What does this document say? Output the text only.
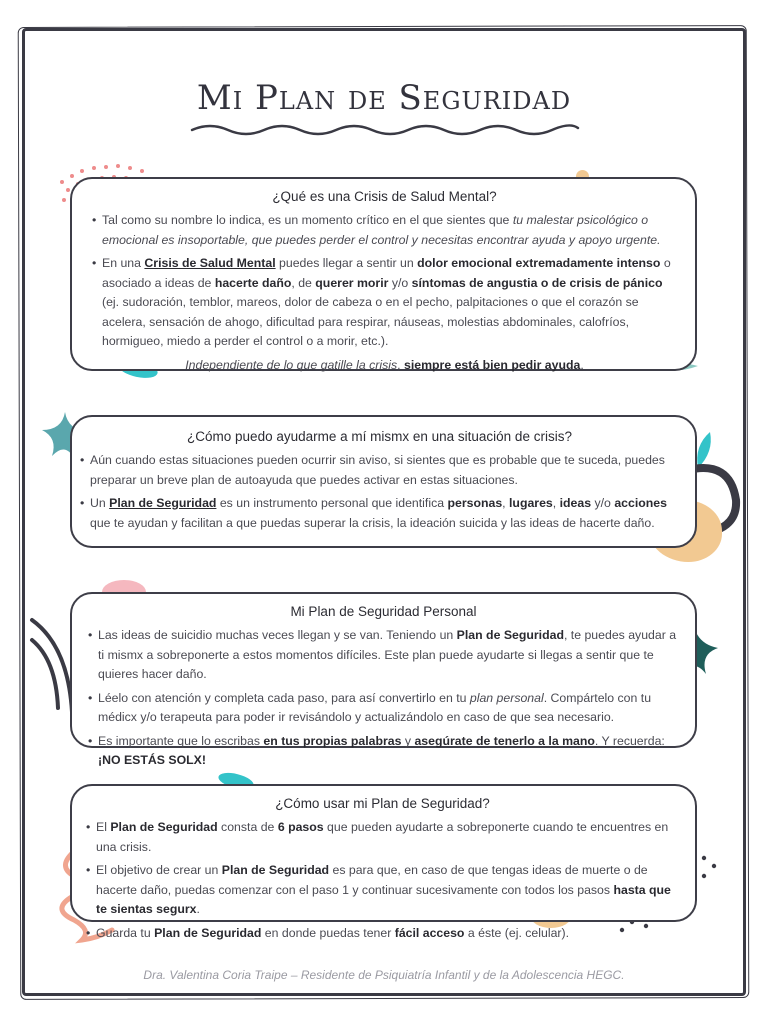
Mi Plan de Seguridad
¿Qué es una Crisis de Salud Mental?
• Tal como su nombre lo indica, es un momento crítico en el que sientes que tu malestar psicológico o emocional es insoportable, que puedes perder el control y necesitas encontrar ayuda y apoyo urgente.
• En una Crisis de Salud Mental puedes llegar a sentir un dolor emocional extremadamente intenso o asociado a ideas de hacerte daño, de querer morir y/o síntomas de angustia o de crisis de pánico (ej. sudoración, temblor, mareos, dolor de cabeza o en el pecho, palpitaciones o que el corazón se acelera, sensación de ahogo, dificultad para respirar, náuseas, molestias abdominales, calofríos, hormigueo, miedo a perder el control o a morir, etc.).
Independiente de lo que gatille la crisis, siempre está bien pedir ayuda.
¿Cómo puedo ayudarme a mí mismx en una situación de crisis?
• Aún cuando estas situaciones pueden ocurrir sin aviso, si sientes que es probable que te suceda, puedes preparar un breve plan de autoayuda que puedes activar en estas situaciones.
• Un Plan de Seguridad es un instrumento personal que identifica personas, lugares, ideas y/o acciones que te ayudan y facilitan a que puedas superar la crisis, la ideación suicida y las ideas de hacerte daño.
Mi Plan de Seguridad Personal
• Las ideas de suicidio muchas veces llegan y se van. Teniendo un Plan de Seguridad, te puedes ayudar a ti mismx a sobreponerte a estos momentos difíciles. Este plan puede ayudarte si llegas a sentir que te quieres hacer daño.
• Léelo con atención y completa cada paso, para así convertirlo en tu plan personal. Compártelo con tu médicx y/o terapeuta para poder ir revisándolo y actualizándolo en caso de que sea necesario.
• Es importante que lo escribas en tus propias palabras y asegúrate de tenerlo a la mano. Y recuerda: ¡NO ESTÁS SOLX!
¿Cómo usar mi Plan de Seguridad?
• El Plan de Seguridad consta de 6 pasos que pueden ayudarte a sobreponerte cuando te encuentres en una crisis.
• El objetivo de crear un Plan de Seguridad es para que, en caso de que tengas ideas de muerte o de hacerte daño, puedas comenzar con el paso 1 y continuar sucesivamente con todos los pasos hasta que te sientas segurx.
• Guarda tu Plan de Seguridad en donde puedas tener fácil acceso a éste (ej. celular).
Dra. Valentina Coria Traipe – Residente de Psiquiatría Infantil y de la Adolescencia HEGC.
